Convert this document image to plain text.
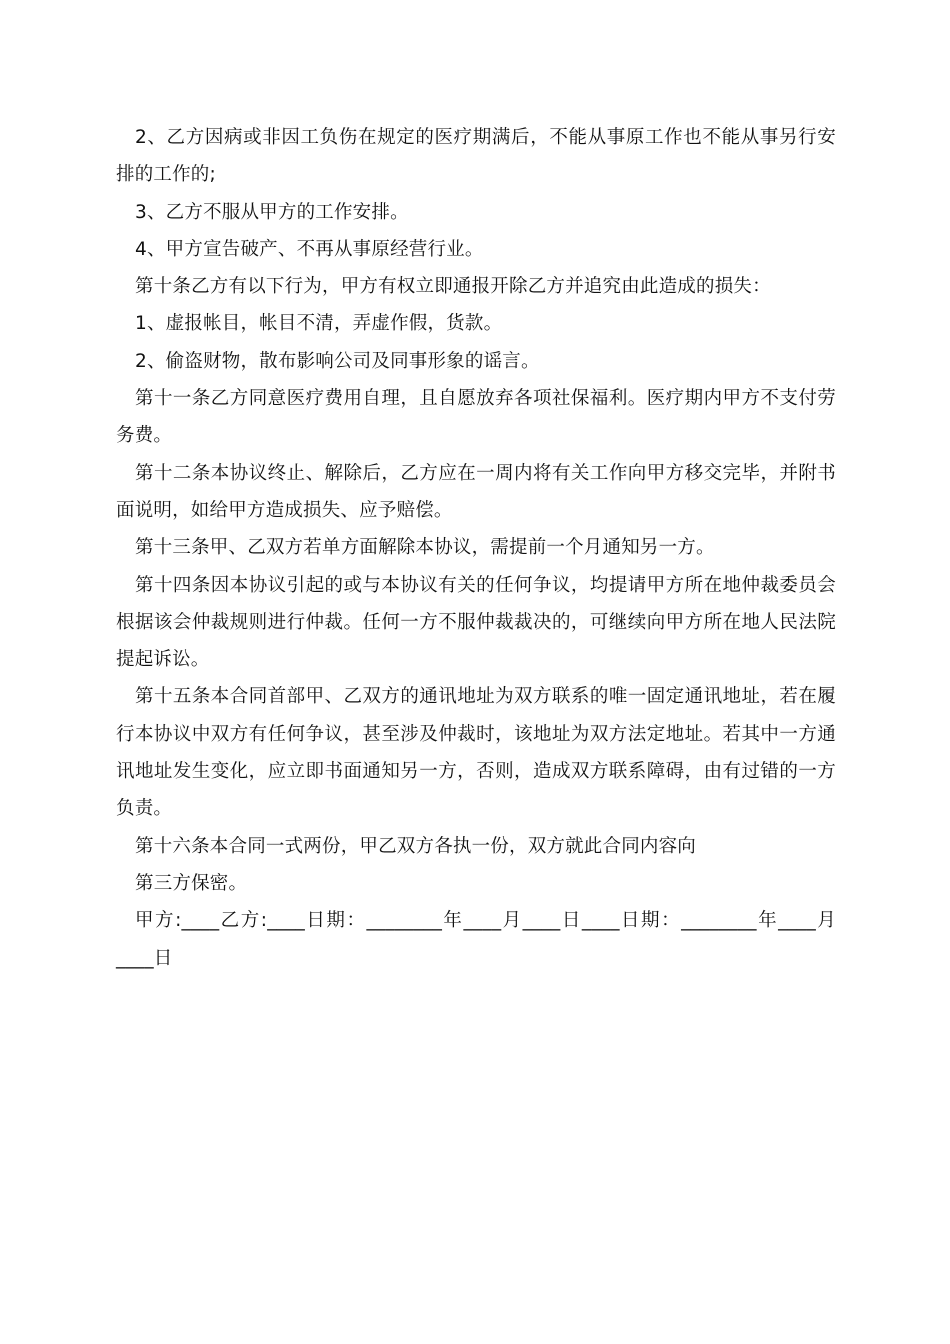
2、乙方因病或非因工负伤在规定的医疗期满后，不能从事原工作也不能从事另行安排的工作的;

3、乙方不服从甲方的工作安排。

4、甲方宣告破产、不再从事原经营行业。

第十条乙方有以下行为，甲方有权立即通报开除乙方并追究由此造成的损失：

1、虚报帐目，帐目不清，弄虚作假，货款。

2、偷盗财物，散布影响公司及同事形象的谣言。

第十一条乙方同意医疗费用自理，且自愿放弃各项社保福利。医疗期内甲方不支付劳务费。

第十二条本协议终止、解除后，乙方应在一周内将有关工作向甲方移交完毕，并附书面说明，如给甲方造成损失、应予赔偿。

第十三条甲、乙双方若单方面解除本协议，需提前一个月通知另一方。

第十四条因本协议引起的或与本协议有关的任何争议，均提请甲方所在地仲裁委员会根据该会仲裁规则进行仲裁。任何一方不服仲裁裁决的，可继续向甲方所在地人民法院提起诉讼。

第十五条本合同首部甲、乙双方的通讯地址为双方联系的唯一固定通讯地址，若在履行本协议中双方有任何争议，甚至涉及仲裁时，该地址为双方法定地址。若其中一方通讯地址发生变化，应立即书面通知另一方，否则，造成双方联系障碍，由有过错的一方负责。

第十六条本合同一式两份，甲乙双方各执一份，双方就此合同内容向

第三方保密。

甲方:____乙方:____日期：________年____月____日____日期：________年____月____日
